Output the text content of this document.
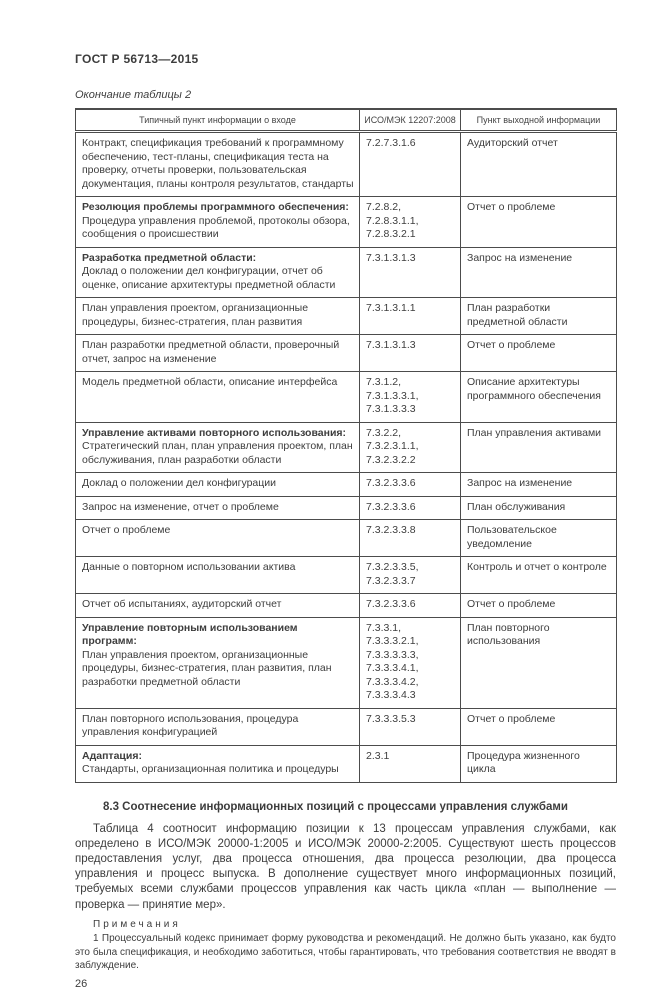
ГОСТ Р 56713—2015
Окончание таблицы 2
Типичный пункт информации о входе	ИСО/МЭК 12207:2008	Пункт выходной информации

Контракт, спецификация требований к программному обеспечению, тест-планы, спецификация теста на проверку, отчеты проверки, пользовательская документация, планы контроля результатов, стандарты	7.2.7.3.1.6	Аудиторский отчет

Резолюция проблемы программного обеспечения:
Процедура управления проблемой, протоколы обзора, сообщения о происшествии	7.2.8.2, 7.2.8.3.1.1, 7.2.8.3.2.1	Отчет о проблеме

Разработка предметной области:
Доклад о положении дел конфигурации, отчет об оценке, описание архитектуры предметной области	7.3.1.3.1.3	Запрос на изменение

План управления проектом, организационные процедуры, бизнес-стратегия, план развития	7.3.1.3.1.1	План разработки предметной области

План разработки предметной области, проверочный отчет, запрос на изменение	7.3.1.3.1.3	Отчет о проблеме

Модель предметной области, описание интерфейса	7.3.1.2, 7.3.1.3.3.1, 7.3.1.3.3.3	Описание архитектуры программного обеспечения

Управление активами повторного использования:
Стратегический план, план управления проектом, план обслуживания, план разработки области	7.3.2.2, 7.3.2.3.1.1, 7.3.2.3.2.2	План управления активами

Доклад о положении дел конфигурации	7.3.2.3.3.6	Запрос на изменение

Запрос на изменение, отчет о проблеме	7.3.2.3.3.6	План обслуживания

Отчет о проблеме	7.3.2.3.3.8	Пользовательское уведомление

Данные о повторном использовании актива	7.3.2.3.3.5, 7.3.2.3.3.7	Контроль и отчет о контроле

Отчет об испытаниях, аудиторский отчет	7.3.2.3.3.6	Отчет о проблеме

Управление повторным использованием программ:
План управления проектом, организационные процедуры, бизнес-стратегия, план развития, план разработки предметной области	7.3.3.1, 7.3.3.3.2.1, 7.3.3.3.3.3, 7.3.3.3.4.1, 7.3.3.3.4.2, 7.3.3.3.4.3	План повторного использования

План повторного использования, процедура управления конфигурацией	7.3.3.3.5.3	Отчет о проблеме

Адаптация:
Стандарты, организационная политика и процедуры	2.3.1	Процедура жизненного цикла
8.3 Соотнесение информационных позиций с процессами управления службами

Таблица 4 соотносит информацию позиции к 13 процессам управления службами, как определено в ИСО/МЭК 20000-1:2005 и ИСО/МЭК 20000-2:2005. Существуют шесть процессов предоставления услуг, два процесса отношения, два процесса резолюции, два процесса управления и процесс выпуска. В дополнение существует много информационных позиций, требуемых всеми службами процессов управления как часть цикла «план — выполнение — проверка — принятие мер».

Примечания

1 Процессуальный кодекс принимает форму руководства и рекомендаций. Не должно быть указано, как будто это была спецификация, и необходимо заботиться, чтобы гарантировать, что требования соответствия не вводят в заблуждение.

26
